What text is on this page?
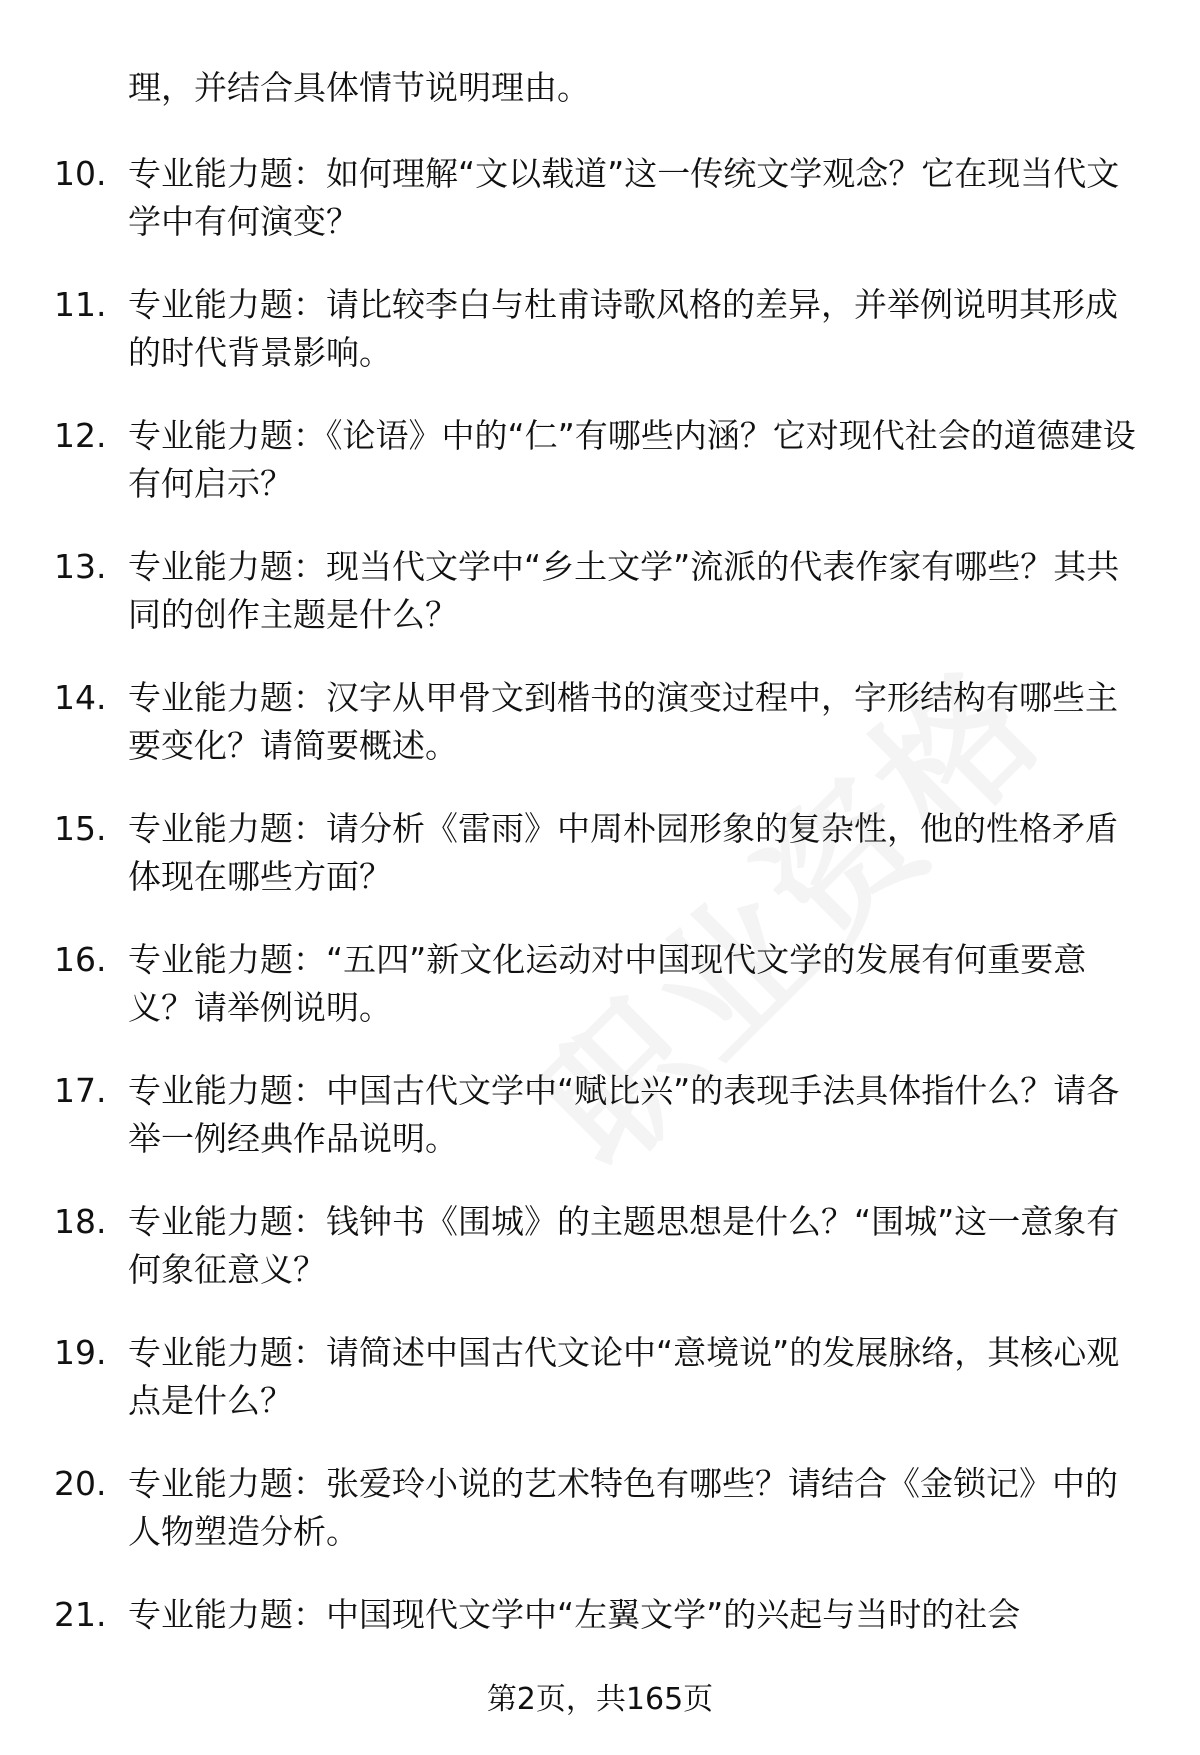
理，并结合具体情节说明理由。
10. 专业能力题：如何理解“文以载道”这一传统文学观念？它在现当代文学中有何演变？
11. 专业能力题：请比较李白与杜甫诗歌风格的差异，并举例说明其形成的时代背景影响。
12. 专业能力题：《论语》中的“仁”有哪些内涵？它对现代社会的道德建设有何启示？
13. 专业能力题：现当代文学中“乡土文学”流派的代表作家有哪些？其共同的创作主题是什么？
14. 专业能力题：汉字从甲骨文到楷书的演变过程中，字形结构有哪些主要变化？请简要概述。
15. 专业能力题：请分析《雷雨》中周朴园形象的复杂性，他的性格矛盾体现在哪些方面？
16. 专业能力题：“五四”新文化运动对中国现代文学的发展有何重要意义？请举例说明。
17. 专业能力题：中国古代文学中“赋比兴”的表现手法具体指什么？请各举一例经典作品说明。
18. 专业能力题：钱钟书《围城》的主题思想是什么？“围城”这一意象有何象征意义？
19. 专业能力题：请简述中国古代文论中“意境说”的发展脉络，其核心观点是什么？
20. 专业能力题：张爱玲小说的艺术特色有哪些？请结合《金锁记》中的人物塑造分析。
21. 专业能力题：中国现代文学中“左翼文学”的兴起与当时的社会
第2页，共165页
